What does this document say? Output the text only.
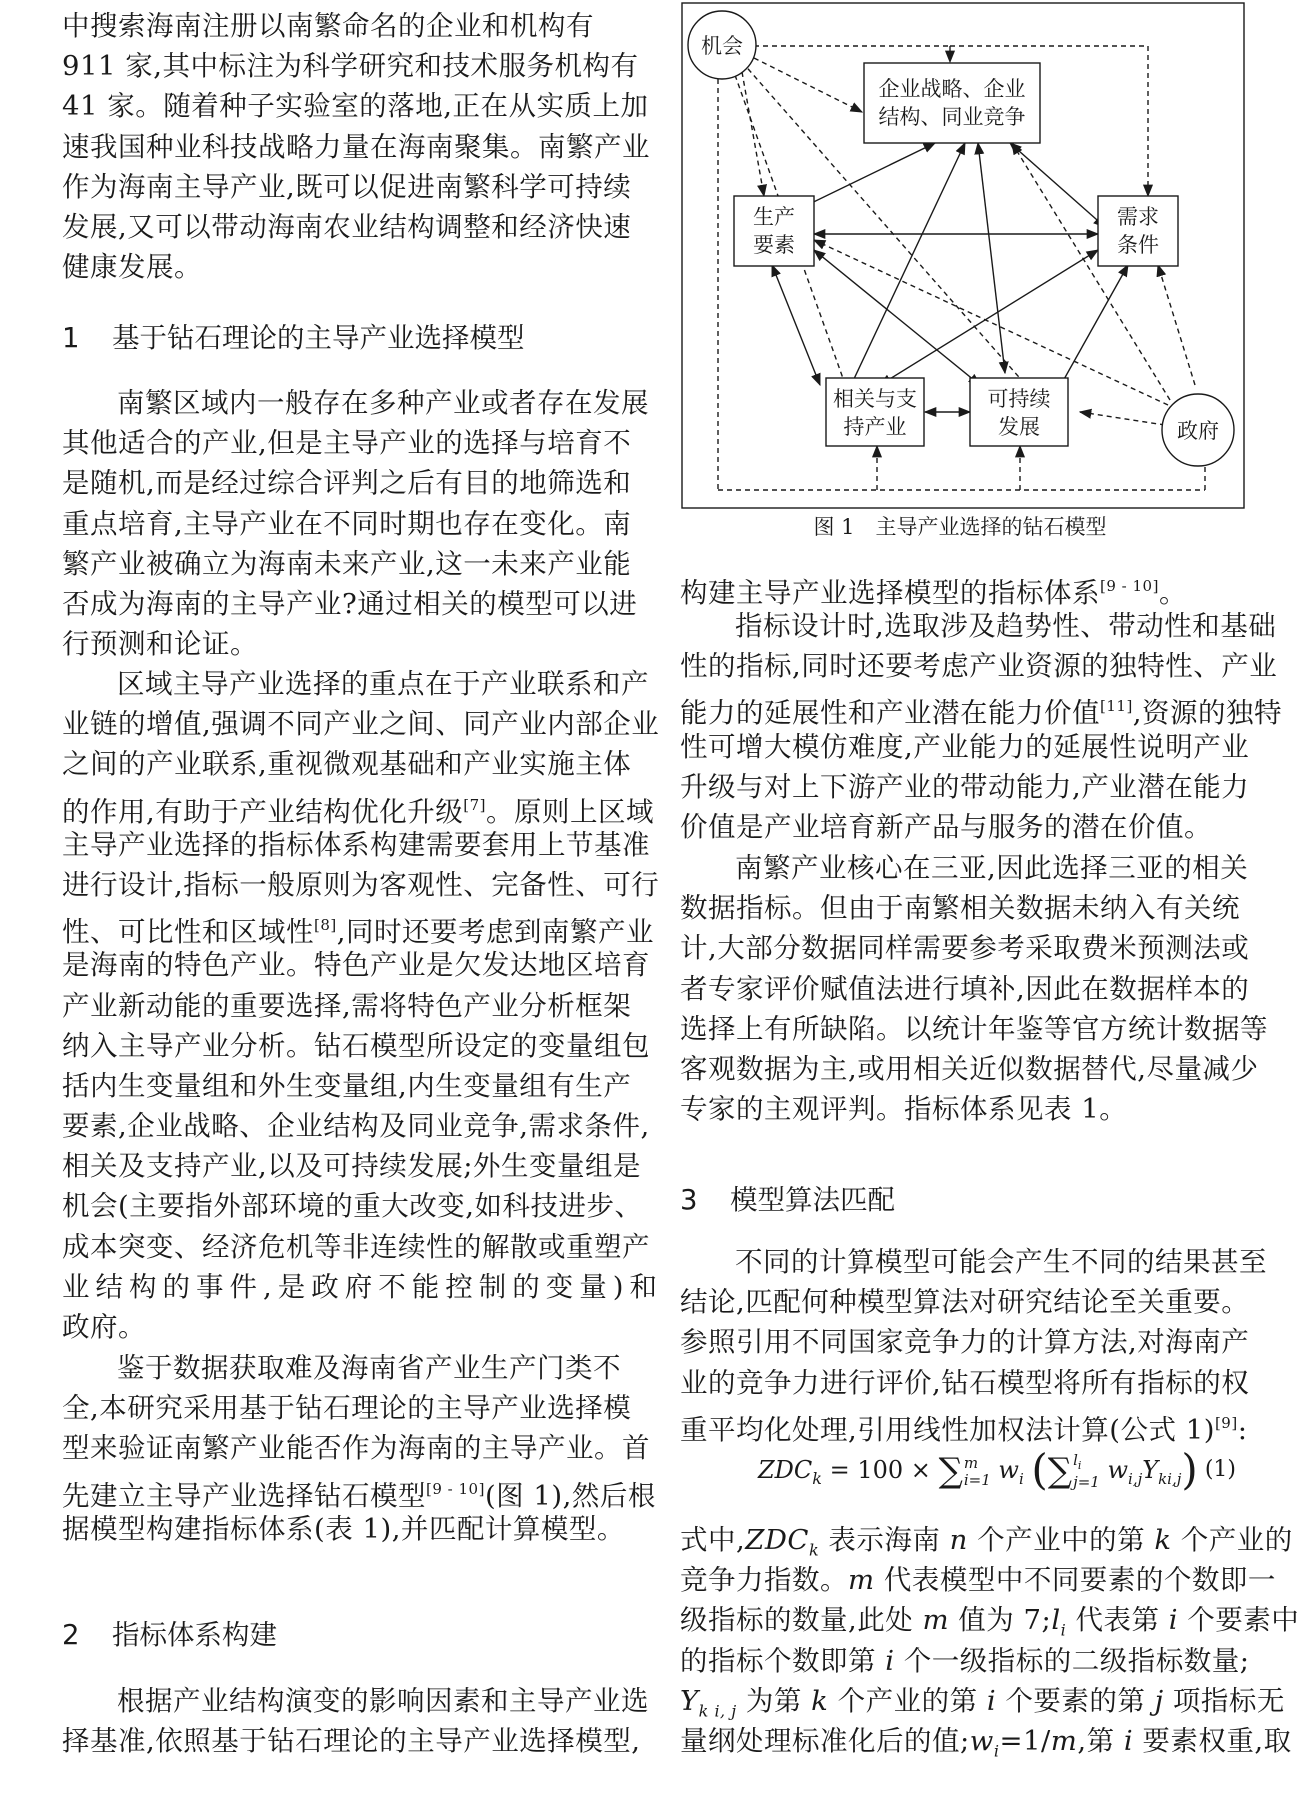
中搜索海南注册以南繁命名的企业和机构有
911 家,其中标注为科学研究和技术服务机构有
41 家。随着种子实验室的落地,正在从实质上加
速我国种业科技战略力量在海南聚集。南繁产业
作为海南主导产业,既可以促进南繁科学可持续
发展,又可以带动海南农业结构调整和经济快速
健康发展。
1 基于钻石理论的主导产业选择模型
南繁区域内一般存在多种产业或者存在发展
其他适合的产业,但是主导产业的选择与培育不
是随机,而是经过综合评判之后有目的地筛选和
重点培育,主导产业在不同时期也存在变化。南
繁产业被确立为海南未来产业,这一未来产业能
否成为海南的主导产业?通过相关的模型可以进
行预测和论证。
区域主导产业选择的重点在于产业联系和产
业链的增值,强调不同产业之间、同产业内部企业
之间的产业联系,重视微观基础和产业实施主体
的作用,有助于产业结构优化升级[7]。原则上区域
主导产业选择的指标体系构建需要套用上节基准
进行设计,指标一般原则为客观性、完备性、可行
性、可比性和区域性[8],同时还要考虑到南繁产业
是海南的特色产业。特色产业是欠发达地区培育
产业新动能的重要选择,需将特色产业分析框架
纳入主导产业分析。钻石模型所设定的变量组包
括内生变量组和外生变量组,内生变量组有生产
要素,企业战略、企业结构及同业竞争,需求条件,
相关及支持产业,以及可持续发展;外生变量组是
机会(主要指外部环境的重大改变,如科技进步、
成本突变、经济危机等非连续性的解散或重塑产
业结构的事件,是政府不能控制的变量)和
政府。
鉴于数据获取难及海南省产业生产门类不
全,本研究采用基于钻石理论的主导产业选择模
型来验证南繁产业能否作为海南的主导产业。首
先建立主导产业选择钻石模型[9 - 10](图 1),然后根
据模型构建指标体系(表 1),并匹配计算模型。
2 指标体系构建
根据产业结构演变的影响因素和主导产业选
择基准,依照基于钻石理论的主导产业选择模型,
机会
企业战略、企业
结构、同业竞争
生产
要素
需求
条件
相关与支
持产业
可持续
发展	政府
图 1　主导产业选择的钻石模型
构建主导产业选择模型的指标体系[9 - 10]。
指标设计时,选取涉及趋势性、带动性和基础
性的指标,同时还要考虑产业资源的独特性、产业
能力的延展性和产业潜在能力价值[11],资源的独特
性可增大模仿难度,产业能力的延展性说明产业
升级与对上下游产业的带动能力,产业潜在能力
价值是产业培育新产品与服务的潜在价值。
南繁产业核心在三亚,因此选择三亚的相关
数据指标。但由于南繁相关数据未纳入有关统
计,大部分数据同样需要参考采取费米预测法或
者专家评价赋值法进行填补,因此在数据样本的
选择上有所缺陷。以统计年鉴等官方统计数据等
客观数据为主,或用相关近似数据替代,尽量减少
专家的主观评判。指标体系见表 1。
3 模型算法匹配
不同的计算模型可能会产生不同的结果甚至
结论,匹配何种模型算法对研究结论至关重要。
参照引用不同国家竞争力的计算方法,对海南产
业的竞争力进行评价,钻石模型将所有指标的权
重平均化处理,引用线性加权法计算(公式 1)[9]:
$ZDC_k = 100 \times \sum m$
i=1 $w_i$ ($\sum l_i$
j=1 $w_{i,j}Y_{ki,j}$) (1)
式中$,ZDC_k$ 表示海南 n 个产业中的第 k 个产业的
竞争力指数。m 代表模型中不同要素的个数即一
级指标的数量,此处 m 值为 $7;l_i$ 代表第 i 个要素中
的指标个数即第 i 个一级指标的二级指标数量;
$Y_{k i, j}$ 为第 k 个产业的第 i 个要素的第 j 项指标无
量纲处理标准化后的值$;w_i=1/m$,第 i 要素权重,取
